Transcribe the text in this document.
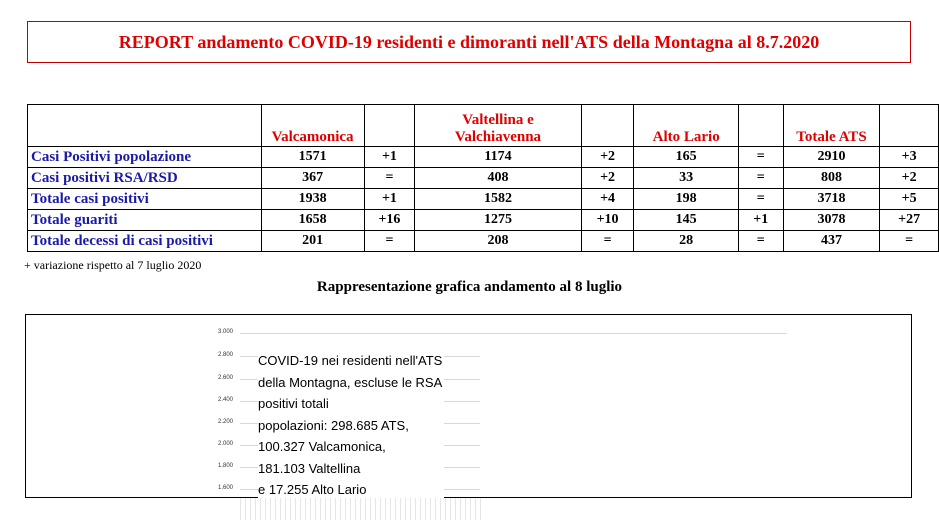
REPORT andamento COVID-19 residenti e dimoranti nell'ATS della Montagna al 8.7.2020
	Valcamonica		Valtellina e Valchiavenna		Alto Lario		Totale ATS	
Casi Positivi popolazione	1571	+1	1174	+2	165	=	2910	+3
Casi positivi RSA/RSD	367	=	408	+2	33	=	808	+2
Totale casi positivi	1938	+1	1582	+4	198	=	3718	+5
Totale guariti	1658	+16	1275	+10	145	+1	3078	+27
Totale decessi di casi positivi	201	=	208	=	28	=	437	=
+ variazione rispetto al 7 luglio 2020
Rappresentazione grafica andamento al 8 luglio
3.000
2.800
2.600
2.400
2.200
2.000
1.800
1.600
COVID-19 nei residenti nell'ATS
della Montagna, escluse le RSA
positivi totali
popolazioni: 298.685 ATS,
100.327 Valcamonica,
181.103 Valtellina
e 17.255 Alto Lario
